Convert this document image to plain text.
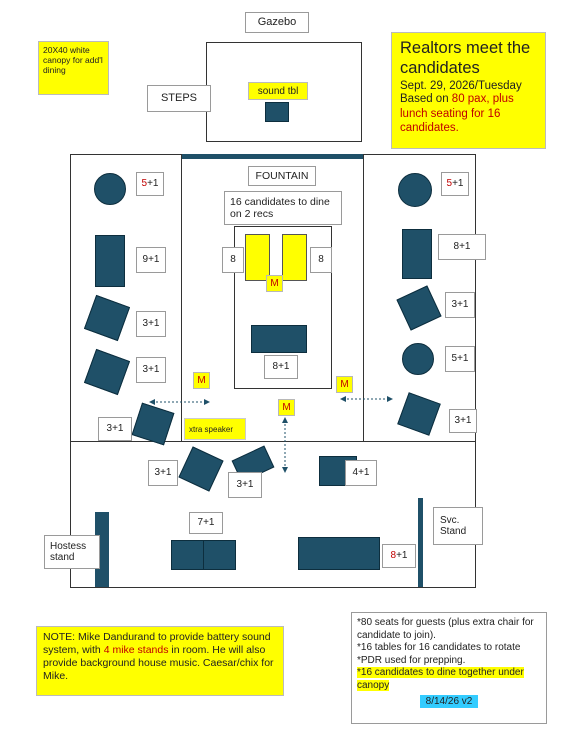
Gazebo
20X40 white canopy for add'l dining
STEPS
sound tbl
Realtors meet the candidates
Sept. 29, 2026/Tuesday
Based on 80 pax, plus lunch seating for 16 candidates.
FOUNTAIN
16 candidates to dine on 2 recs
8	8
M
8+1
5 +1
9+1
3+1
3+1
3+1
M
xtra speaker
M
5 +1
8+1
3+1
5+1
3+1
M
3+1
3+1
4+1
Hostess stand
7+1
8 +1
Svc. Stand
NOTE: Mike Dandurand to provide battery sound system, with 4 mike stands in room. He will also provide background house music. Caesar/chix for Mike.
*80 seats for guests (plus extra chair for candidate to join).
*16 tables for 16 candidates to rotate
*PDR used for prepping.
*16 candidates to dine together under canopy
8/14/26 v2
